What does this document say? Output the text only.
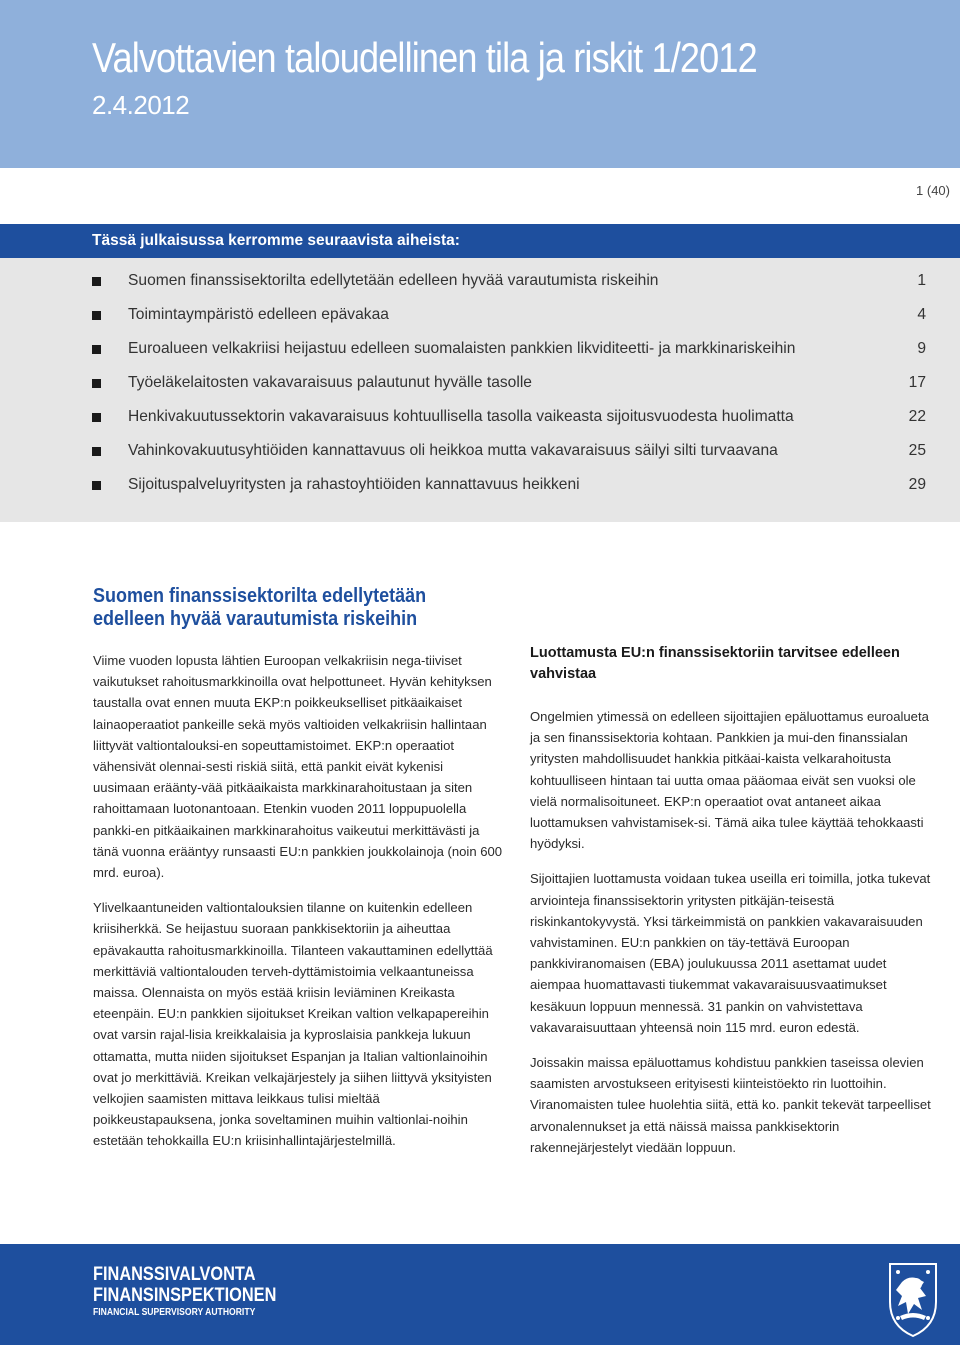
Valvottavien taloudellinen tila ja riskit 1/2012
2.4.2012
1 (40)
Tässä julkaisussa kerromme seuraavista aiheista:
Suomen finanssisektorilta edellytetään edelleen hyvää varautumista riskeihin	1
Toimintaympäristö edelleen epävakaa	4
Euroalueen velkakriisi heijastuu edelleen suomalaisten pankkien likviditeetti- ja markkinariskeihin	9
Työeläkelaitosten vakavaraisuus palautunut hyvälle tasolle	17
Henkivakuutussektorin vakavaraisuus kohtuullisella tasolla vaikeasta sijoitusvuodesta huolimatta	22
Vahinkovakuutusyhtiöiden kannattavuus oli heikkoa mutta vakavaraisuus säilyi silti turvaavana	25
Sijoituspalveluyritysten ja rahastoyhtiöiden kannattavuus heikkeni	29
Suomen finanssisektorilta edellytetään
edelleen hyvää varautumista riskeihin

Viime vuoden lopusta lähtien Euroopan velkakriisin nega-tiiviset vaikutukset rahoitusmarkkinoilla ovat helpottuneet. Hyvän kehityksen taustalla ovat ennen muuta EKP:n poikkeukselliset pitkäaikaiset lainaoperaatiot pankeille sekä myös valtioiden velkakriisin hallintaan liittyvät valtiontalouksi-en sopeuttamistoimet. EKP:n operaatiot vähensivät olennai-sesti riskiä siitä, että pankit eivät kykenisi uusimaan eräänty-vää pitkäaikaista markkinarahoitustaan ja siten rahoittamaan luotonantoaan. Etenkin vuoden 2011 loppupuolella pankki-en pitkäaikainen markkinarahoitus vaikeutui merkittävästi ja tänä vuonna erääntyy runsaasti EU:n pankkien joukkolainoja (noin 600 mrd. euroa).

Ylivelkaantuneiden valtiontalouksien tilanne on kuitenkin edelleen kriisiherkkä. Se heijastuu suoraan pankkisektoriin ja aiheuttaa epävakautta rahoitusmarkkinoilla. Tilanteen vakauttaminen edellyttää merkittäviä valtiontalouden terveh-dyttämistoimia velkaantuneissa maissa. Olennaista on myös estää kriisin leviäminen Kreikasta eteenpäin. EU:n pankkien sijoitukset Kreikan valtion velkapapereihin ovat varsin rajal-lisia kreikkalaisia ja kyproslaisia pankkeja lukuun ottamatta, mutta niiden sijoitukset Espanjan ja Italian valtionlainoihin ovat jo merkittäviä. Kreikan velkajärjestely ja siihen liittyvä yksityisten velkojien saamisten mittava leikkaus tulisi mieltää poikkeustapauksena, jonka soveltaminen muihin valtionlai-noihin estetään tehokkailla EU:n kriisinhallintajärjestelmillä.

Luottamusta EU:n finanssisektoriin tarvitsee edelleen vahvistaa

Ongelmien ytimessä on edelleen sijoittajien epäluottamus euroalueta ja sen finanssisektoria kohtaan. Pankkien ja mui-den finanssialan yritysten mahdollisuudet hankkia pitkäai-kaista velkarahoitusta kohtuulliseen hintaan tai uutta omaa pääomaa eivät sen vuoksi ole vielä normalisoituneet. EKP:n operaatiot ovat antaneet aikaa luottamuksen vahvistamisek-si. Tämä aika tulee käyttää tehokkaasti hyödyksi.

Sijoittajien luottamusta voidaan tukea useilla eri toimilla, jotka tukevat arviointeja finanssisektorin yritysten pitkäjän-teisestä riskinkantokyvystä. Yksi tärkeimmistä on pankkien vakavaraisuuden vahvistaminen. EU:n pankkien on täy-tettävä Euroopan pankkiviranomaisen (EBA) joulukuussa 2011 asettamat uudet aiempaa huomattavasti tiukemmat vakavaraisuusvaatimukset kesäkuun loppuun mennessä. 31 pankin on vahvistettava vakavaraisuuttaan yhteensä noin 115 mrd. euron edestä.

Joissakin maissa epäluottamus kohdistuu pankkien taseissa olevien saamisten arvostukseen erityisesti kiinteistöekto rin luottoihin. Viranomaisten tulee huolehtia siitä, että ko. pankit tekevät tarpeelliset arvonalennukset ja että näissä maissa pankkisektorin rakennejärjestelyt viedään loppuun.

FINANSSIVALVONTA
FINANSINSPEKTIONEN
FINANCIAL SUPERVISORY AUTHORITY
